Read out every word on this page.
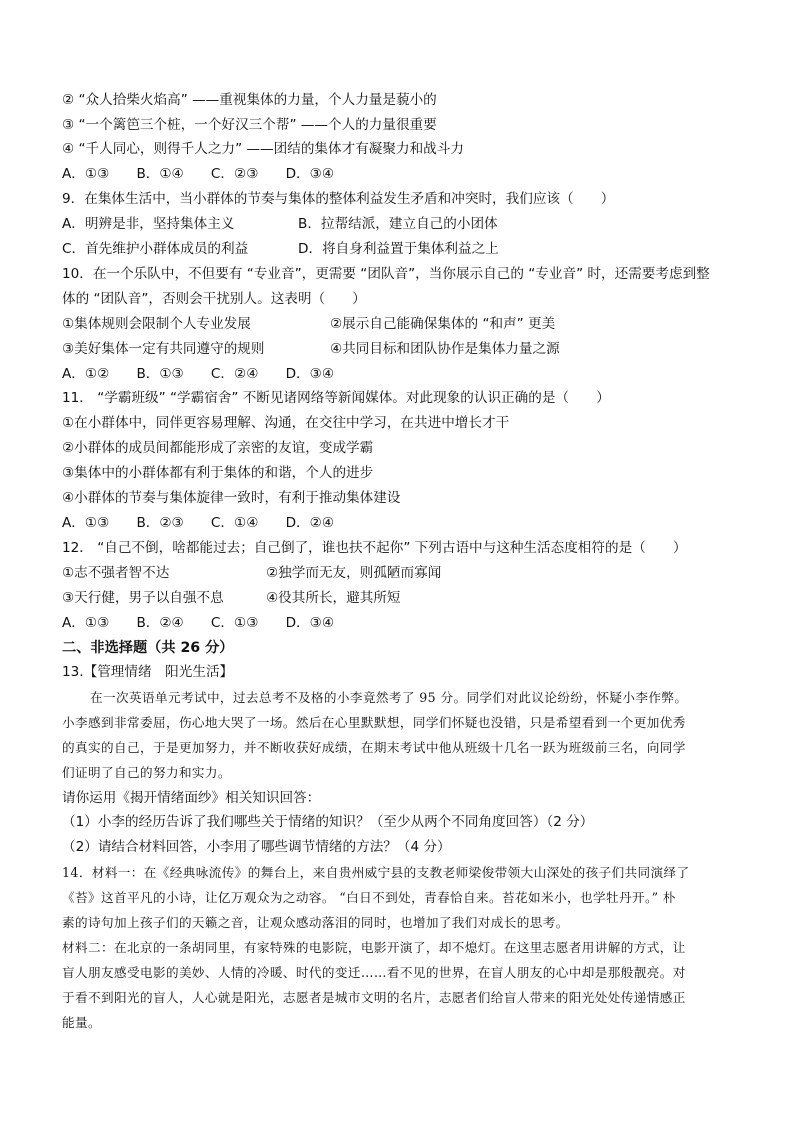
② “众人拾柴火焰高” ——重视集体的力量，个人力量是藐小的
③ “一个篱笆三个桩，一个好汉三个帮” ——个人的力量很重要
④ “千人同心，则得千人之力” ——团结的集体才有凝聚力和战斗力
A．①③　　B．①④　　C．②③　　D．③④
9．在集体生活中，当小群体的节奏与集体的整体利益发生矛盾和冲突时，我们应该（　　）
A．明辨是非，坚持集体主义	B．拉帮结派，建立自己的小团体
C．首先维护小群体成员的利益	D．将自身利益置于集体利益之上
10．在一个乐队中，不但要有 “专业音”，更需要 “团队音”，当你展示自己的 “专业音” 时，还需要考虑到整
体的 “团队音”，否则会干扰别人。这表明（　　）
①集体规则会限制个人专业发展	②展示自己能确保集体的 “和声” 更美
③美好集体一定有共同遵守的规则	④共同目标和团队协作是集体力量之源
A．①②　　B．①③　　C．②④　　D．③④
11． “学霸班级” “学霸宿舍” 不断见诸网络等新闻媒体。对此现象的认识正确的是（　　）
①在小群体中，同伴更容易理解、沟通，在交往中学习，在共进中增长才干
②小群体的成员间都能形成了亲密的友谊，变成学霸
③集体中的小群体都有利于集体的和谐，个人的进步
④小群体的节奏与集体旋律一致时，有利于推动集体建设
A．①③　　B．②③　　C．①④　　D．②④
12． “自己不倒，啥都能过去；自己倒了，谁也扶不起你” 下列古语中与这种生活态度相符的是（　　）
①志不强者智不达	②独学而无友，则孤陋而寡闻
③天行健，男子以自强不息	④役其所长，避其所短
A．①③　　B．②④　　C．①③　　D．③④
二、非选择题（共 26 分）
13.【管理情绪　阳光生活】
在一次英语单元考试中，过去总考不及格的小李竟然考了 95 分。同学们对此议论纷纷，怀疑小李作弊。
小李感到非常委屈，伤心地大哭了一场。然后在心里默默想，同学们怀疑也没错，只是希望看到一个更加优秀
的真实的自己，于是更加努力，并不断收获好成绩，在期末考试中他从班级十几名一跃为班级前三名，向同学
们证明了自己的努力和实力。
请你运用《揭开情绪面纱》相关知识回答：
（1）小李的经历告诉了我们哪些关于情绪的知识？（至少从两个不同角度回答）（2 分）
（2）请结合材料回答，小李用了哪些调节情绪的方法？（4 分）
14．材料一：在《经典咏流传》的舞台上，来自贵州威宁县的支教老师梁俊带领大山深处的孩子们共同演绎了
《苔》这首平凡的小诗，让亿万观众为之动容。 “白日不到处，青春恰自来。苔花如米小，也学牡丹开。” 朴
素的诗句加上孩子们的天籁之音，让观众感动落泪的同时，也增加了我们对成长的思考。
材料二：在北京的一条胡同里，有家特殊的电影院，电影开演了，却不熄灯。在这里志愿者用讲解的方式，让
盲人朋友感受电影的美妙、人情的冷暖、时代的变迁……看不见的世界，在盲人朋友的心中却是那般靓亮。对
于看不到阳光的盲人，人心就是阳光，志愿者是城市文明的名片，志愿者们给盲人带来的阳光处处传递情感正
能量。
